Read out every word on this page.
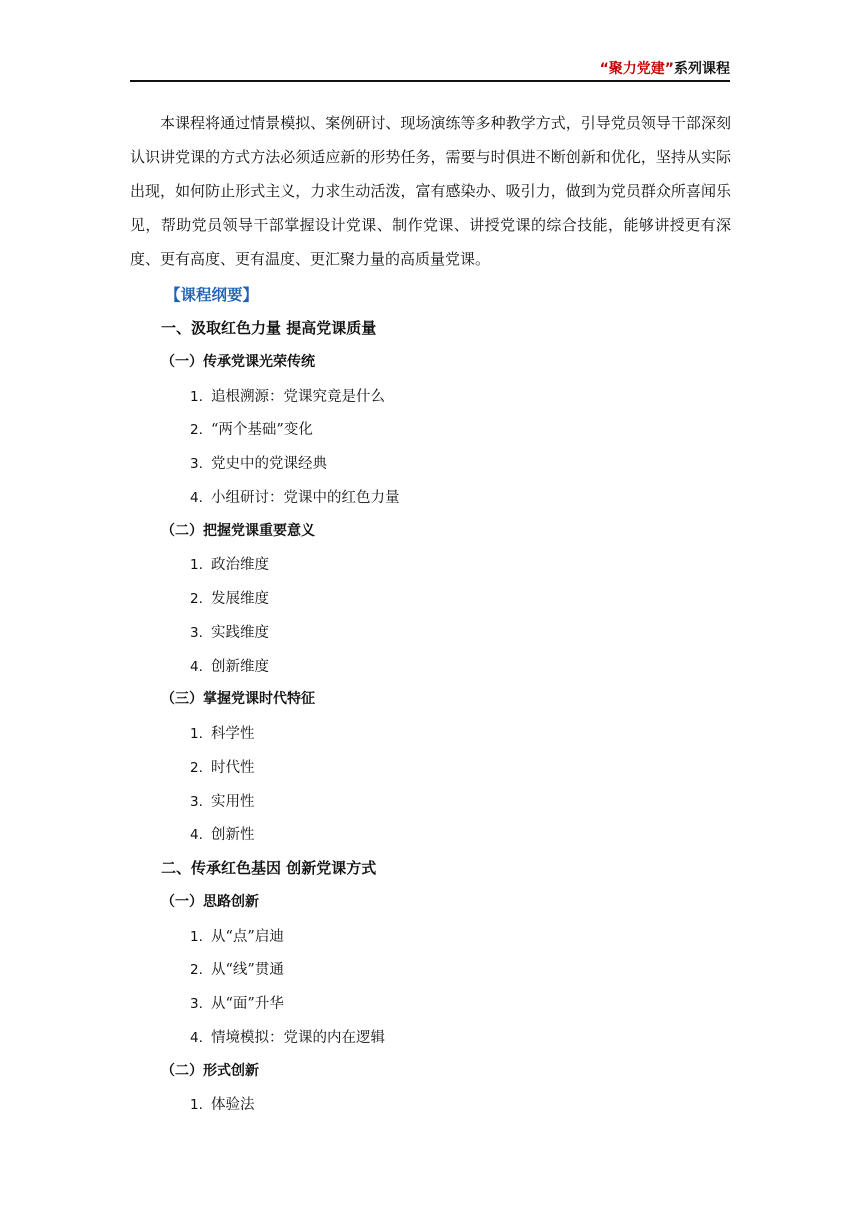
“聚力党建”系列课程

本课程将通过情景模拟、案例研讨、现场演练等多种教学方式，引导党员领导干部深刻认识讲党课的方式方法必须适应新的形势任务，需要与时俱进不断创新和优化，坚持从实际出现，如何防止形式主义，力求生动活泼，富有感染办、吸引力，做到为党员群众所喜闻乐见，帮助党员领导干部掌握设计党课、制作党课、讲授党课的综合技能，能够讲授更有深度、更有高度、更有温度、更汇聚力量的高质量党课。

【课程纲要】
一、汲取红色力量 提高党课质量
（一）传承党课光荣传统
1. 追根溯源：党课究竟是什么
2. “两个基础”变化
3. 党史中的党课经典
4. 小组研讨：党课中的红色力量
（二）把握党课重要意义
1. 政治维度
2. 发展维度
3. 实践维度
4. 创新维度
（三）掌握党课时代特征
1. 科学性
2. 时代性
3. 实用性
4. 创新性
二、传承红色基因 创新党课方式
（一）思路创新
1. 从“点”启迪
2. 从“线”贯通
3. 从“面”升华
4. 情境模拟：党课的内在逻辑
（二）形式创新
1. 体验法
